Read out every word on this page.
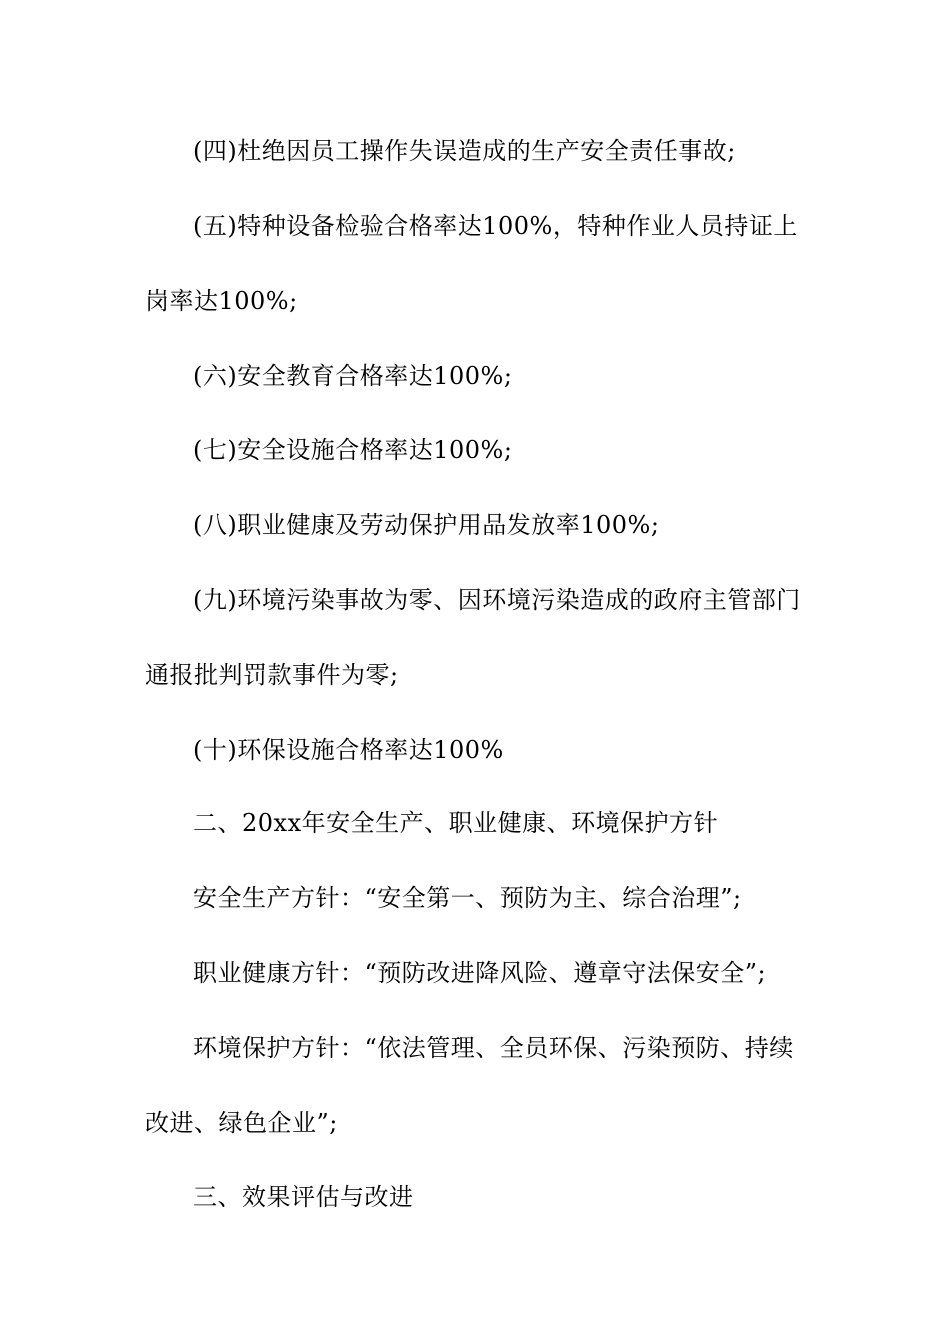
(四)杜绝因员工操作失误造成的生产安全责任事故;

(五)特种设备检验合格率达100%，特种作业人员持证上岗率达100%;

(六)安全教育合格率达100%;

(七)安全设施合格率达100%;

(八)职业健康及劳动保护用品发放率100%;

(九)环境污染事故为零、因环境污染造成的政府主管部门通报批判罚款事件为零;

(十)环保设施合格率达100%

二、20xx年安全生产、职业健康、环境保护方针

安全生产方针：“安全第一、预防为主、综合治理”;

职业健康方针：“预防改进降风险、遵章守法保安全”;

环境保护方针：“依法管理、全员环保、污染预防、持续改进、绿色企业”;

三、效果评估与改进
